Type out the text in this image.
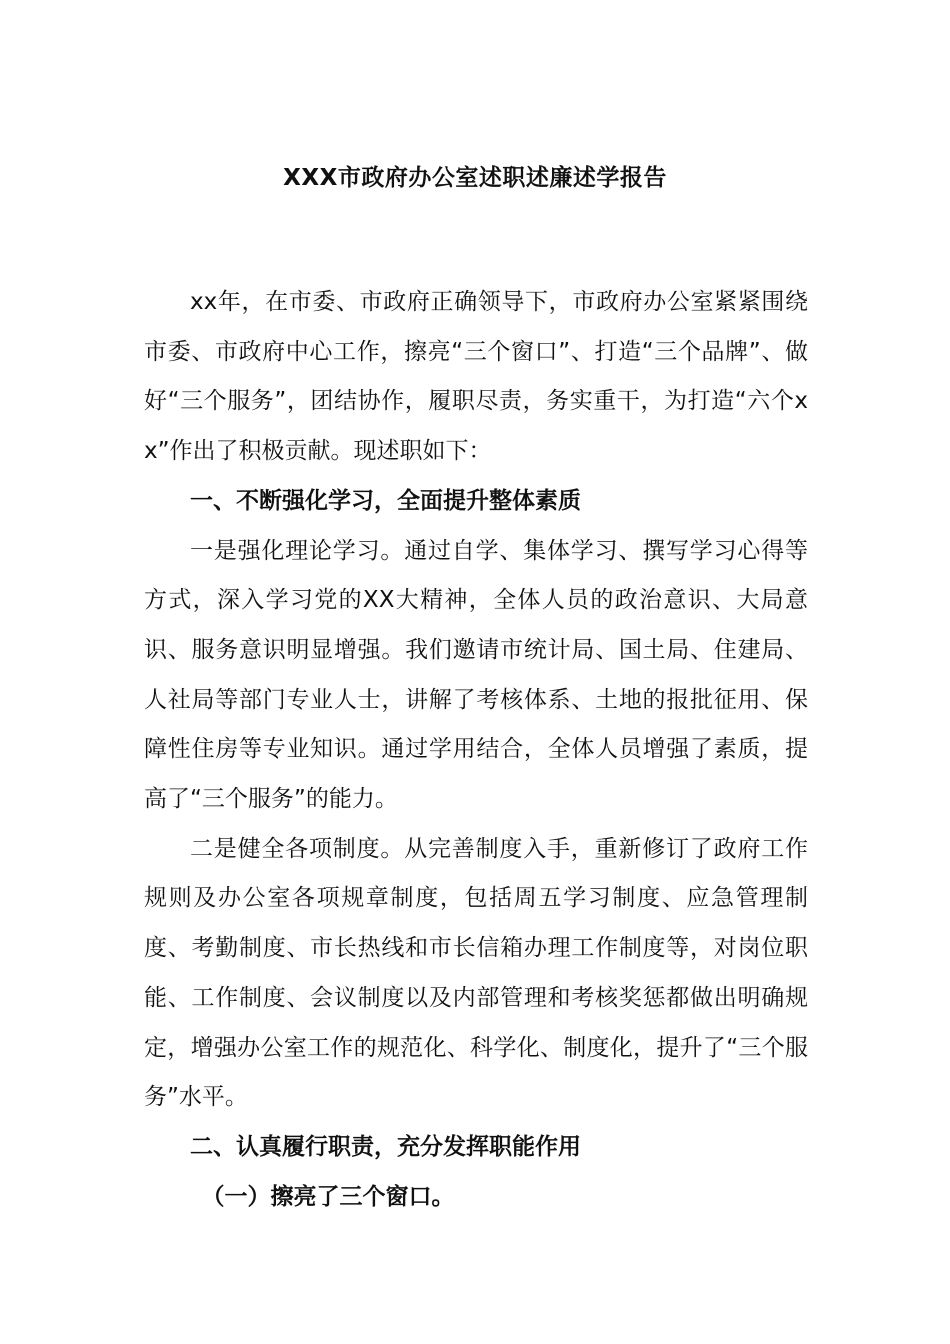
XXX市政府办公室述职述廉述学报告

xx年，在市委、市政府正确领导下，市政府办公室紧紧围绕市委、市政府中心工作，擦亮“三个窗口”、打造“三个品牌”、做好“三个服务”，团结协作，履职尽责，务实重干，为打造“六个xx”作出了积极贡献。现述职如下：

一、不断强化学习，全面提升整体素质

一是强化理论学习。通过自学、集体学习、撰写学习心得等方式，深入学习党的XX大精神，全体人员的政治意识、大局意识、服务意识明显增强。我们邀请市统计局、国土局、住建局、人社局等部门专业人士，讲解了考核体系、土地的报批征用、保障性住房等专业知识。通过学用结合，全体人员增强了素质，提高了“三个服务”的能力。

二是健全各项制度。从完善制度入手，重新修订了政府工作规则及办公室各项规章制度，包括周五学习制度、应急管理制度、考勤制度、市长热线和市长信箱办理工作制度等，对岗位职能、工作制度、会议制度以及内部管理和考核奖惩都做出明确规定，增强办公室工作的规范化、科学化、制度化，提升了“三个服务”水平。

二、认真履行职责，充分发挥职能作用

（一）擦亮了三个窗口。
